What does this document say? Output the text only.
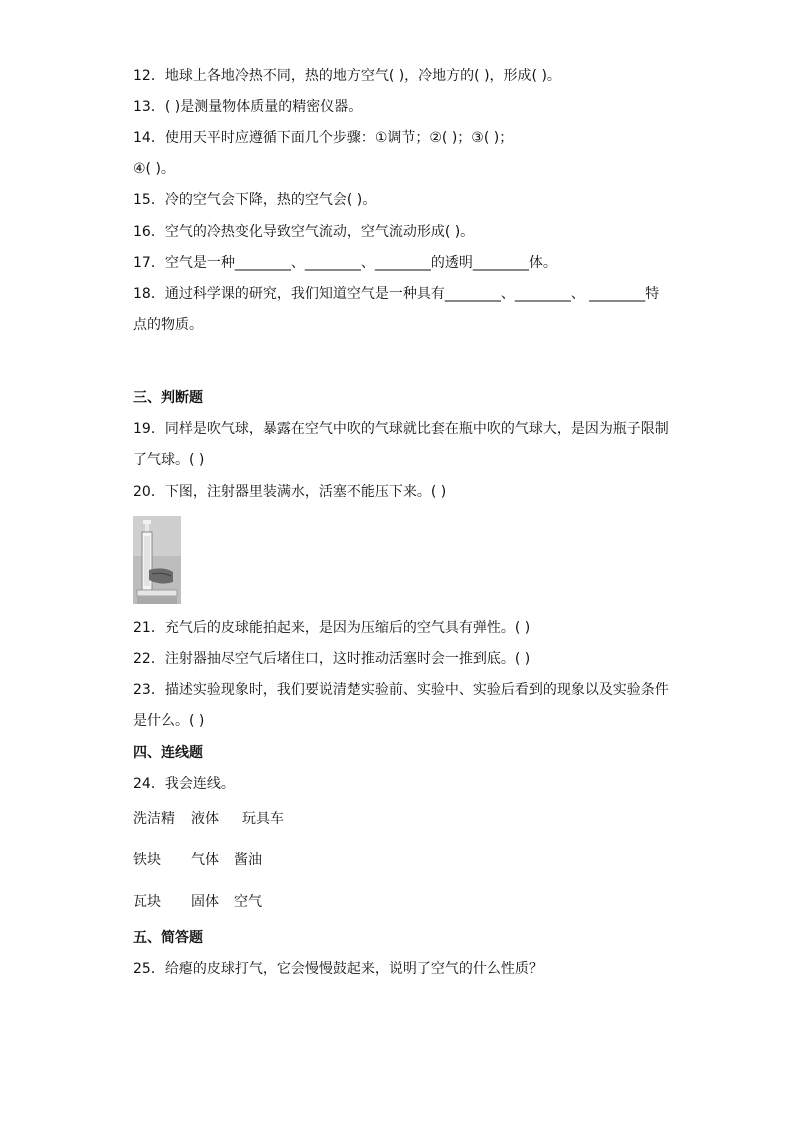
12．地球上各地冷热不同，热的地方空气( )，冷地方的( )，形成( )。
13．( )是测量物体质量的精密仪器。
14．使用天平时应遵循下面几个步骤：①调节；②( )；③( )；
④( )。
15．冷的空气会下降，热的空气会( )。
16．空气的冷热变化导致空气流动，空气流动形成( )。
17．空气是一种________、________、________的透明________体。
18．通过科学课的研究，我们知道空气是一种具有________、________、 ________特
点的物质。
三、判断题
19．同样是吹气球，暴露在空气中吹的气球就比套在瓶中吹的气球大，是因为瓶子限制
了气球。( )
20．下图，注射器里装满水，活塞不能压下来。( )
21．充气后的皮球能拍起来，是因为压缩后的空气具有弹性。( )
22．注射器抽尽空气后堵住口，这时推动活塞时会一推到底。( )
23．描述实验现象时，我们要说清楚实验前、实验中、实验后看到的现象以及实验条件
是什么。( )
四、连线题
24．我会连线。
洗洁精 液体 玩具车
铁块 气体 酱油
瓦块 固体 空气
五、简答题
25．给瘪的皮球打气，它会慢慢鼓起来，说明了空气的什么性质？
